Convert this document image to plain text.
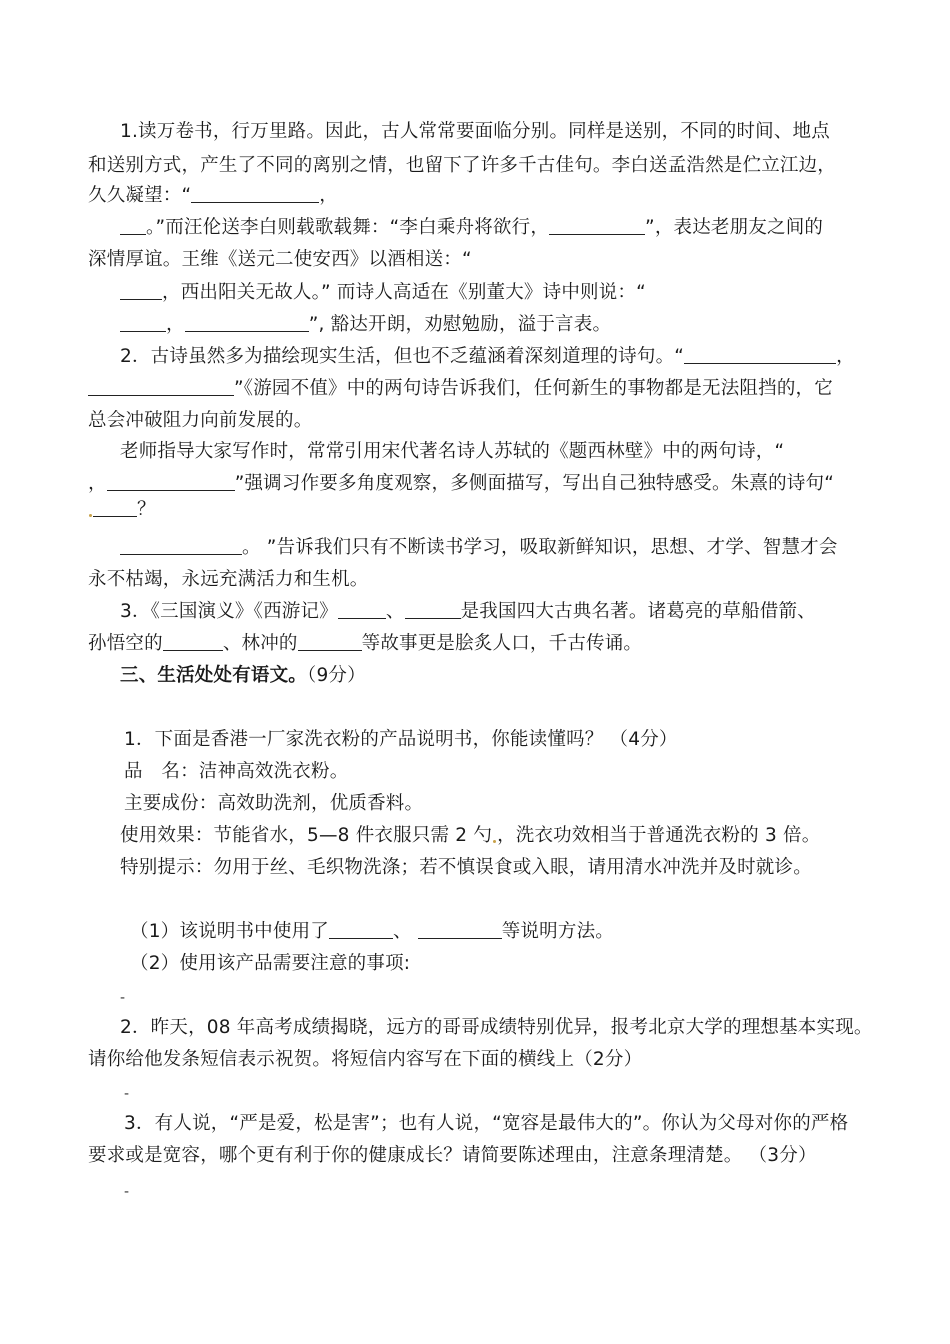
1.读万卷书，行万里路。因此，古人常常要面临分别。同样是送别，不同的时间、地点
和送别方式，产生了不同的离别之情，也留下了许多千古佳句。李白送孟浩然是伫立江边，
久久凝望：“	，
。”而汪伦送李白则载歌载舞：“李白乘舟将欲行，	”，表达老朋友之间的
深情厚谊。王维《送元二使安西》以酒相送：“
，西出阳关无故人。” 而诗人高适在《别董大》诗中则说：“
，	”, 豁达开朗，劝慰勉励，溢于言表。
2．古诗虽然多为描绘现实生活，但也不乏蕴涵着深刻道理的诗句。“	，
”《游园不值》中的两句诗告诉我们，任何新生的事物都是无法阻挡的，它
总会冲破阻力向前发展的。
老师指导大家写作时，常常引用宋代著名诗人苏轼的《题西林壁》中的两句诗，“
，	”强调习作要多角度观察，多侧面描写，写出自己独特感受。朱熹的诗句“
？
。 ”告诉我们只有不断读书学习，吸取新鲜知识，思想、才学、智慧才会
永不枯竭，永远充满活力和生机。
3．《三国演义》《西游记》	、	是我国四大古典名著。诸葛亮的草船借箭、
孙悟空的	、林冲的	等故事更是脍炙人口，千古传诵。
三、生活处处有语文。（9分）
1．下面是香港一厂家洗衣粉的产品说明书，你能读懂吗？ （4分）
品　名：洁神高效洗衣粉。
主要成份：高效助洗剂，优质香料。
使用效果：节能省水，5—8 件衣服只需 2 勺 ，洗衣功效相当于普通洗衣粉的 3 倍。
特别提示：勿用于丝、毛织物洗涤；若不慎误食或入眼，请用清水冲洗并及时就诊。
（1）该说明书中使用了	、	等说明方法。
（2）使用该产品需要注意的事项:
-
2．昨天，08 年高考成绩揭晓，远方的哥哥成绩特别优异，报考北京大学的理想基本实现。
请你给他发条短信表示祝贺。将短信内容写在下面的横线上（2分）
-
3．有人说，“严是爱，松是害”；也有人说，“宽容是最伟大的”。你认为父母对你的严格
要求或是宽容，哪个更有利于你的健康成长？请简要陈述理由，注意条理清楚。 （3分）
-
